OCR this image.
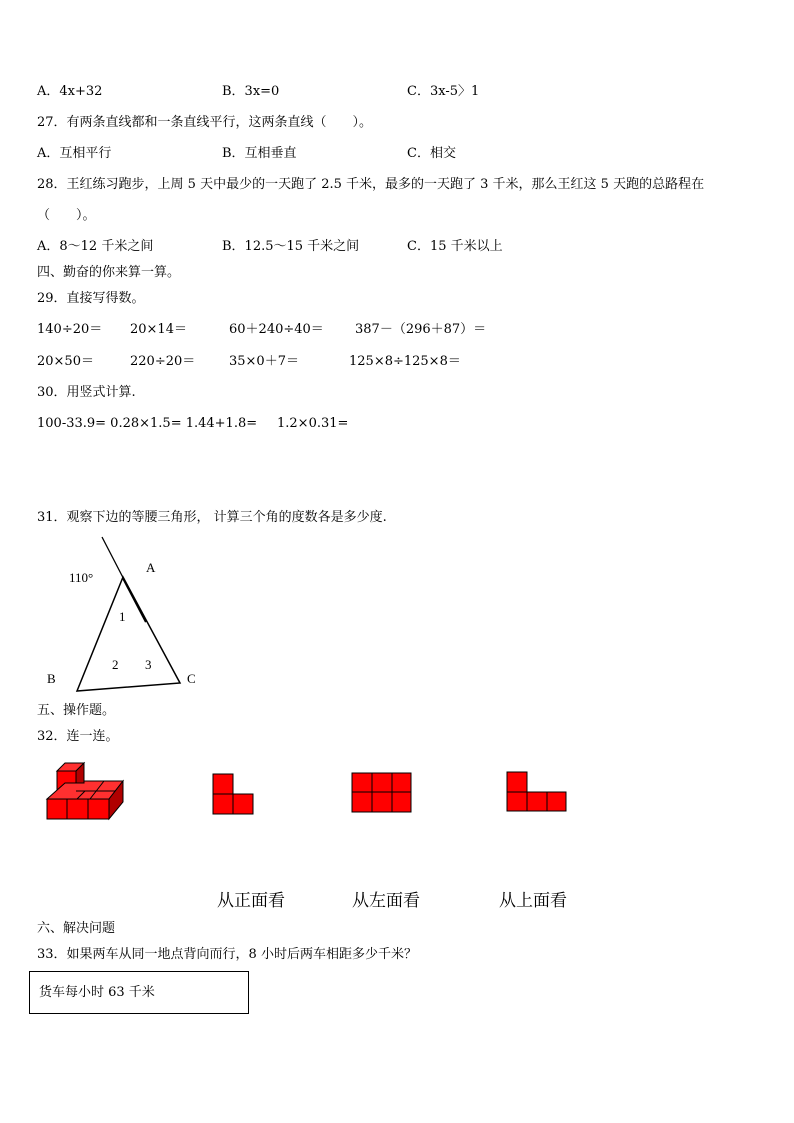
A．4x+32	B．3x=0	C．3x-5〉1
27．有两条直线都和一条直线平行，这两条直线（　　）。
A．互相平行	B．互相垂直	C．相交
28．王红练习跑步，上周 5 天中最少的一天跑了 2.5 千米，最多的一天跑了 3 千米，那么王红这 5 天跑的总路程在
（　　）。
A．8～12 千米之间	B．12.5～15 千米之间	C．15 千米以上
四、勤奋的你来算一算。
29．直接写得数。
140÷20＝ 20×14＝	60＋240÷40＝ 387－（296＋87）＝
20×50＝	220÷20＝	35×0＋7＝	125×8÷125×8＝
30．用竖式计算.
100-33.9= 0.28×1.5= 1.44+1.8= 1.2×0.31=
31．观察下边的等腰三角形， 计算三个角的度数各是多少度.
110°
A
B	C
1
2 3
五、操作题。
32．连一连。
从正面看	从左面看	从上面看
六、解决问题
33．如果两车从同一地点背向而行，8 小时后两车相距多少千米？
货车每小时 63 千米
